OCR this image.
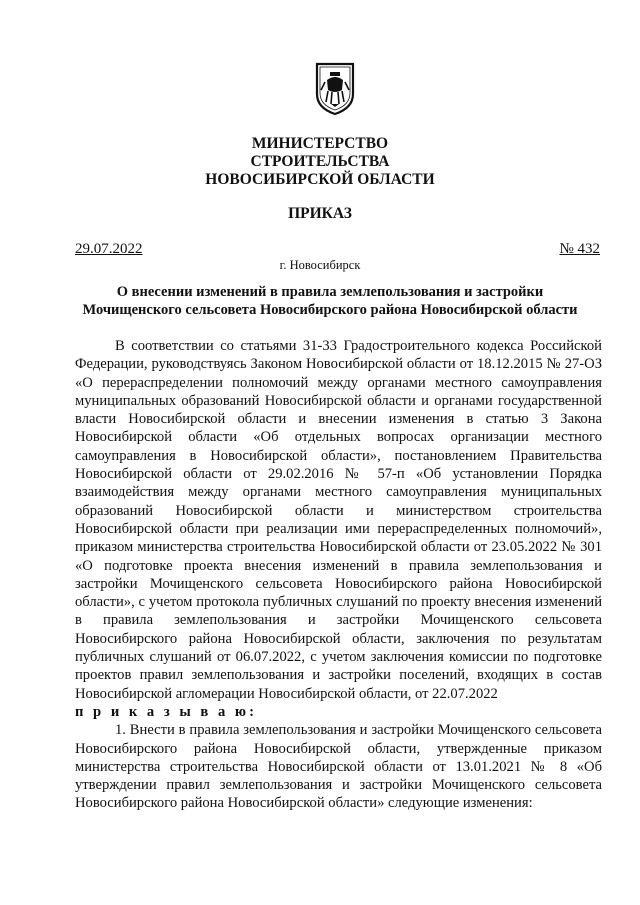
МИНИСТЕРСТВО
СТРОИТЕЛЬСТВА
НОВОСИБИРСКОЙ ОБЛАСТИ
ПРИКАЗ
29.07.2022	№ 432
г. Новосибирск
О внесении изменений в правила землепользования и застройки
Мочищенского сельсовета Новосибирского района Новосибирской области

В соответствии со статьями 31-33 Градостроительного кодекса Российской Федерации, руководствуясь Законом Новосибирской области от 18.12.2015 № 27-ОЗ «О перераспределении полномочий между органами местного самоуправления муниципальных образований Новосибирской области и органами государственной власти Новосибирской области и внесении изменения в статью 3 Закона Новосибирской области «Об отдельных вопросах организации местного самоуправления в Новосибирской области», постановлением Правительства Новосибирской области от 29.02.2016 № 57-п «Об установлении Порядка взаимодействия между органами местного самоуправления муниципальных образований Новосибирской области и министерством строительства Новосибирской области при реализации ими перераспределенных полномочий», приказом министерства строительства Новосибирской области от 23.05.2022 № 301 «О подготовке проекта внесения изменений в правила землепользования и застройки Мочищенского сельсовета Новосибирского района Новосибирской области», с учетом протокола публичных слушаний по проекту внесения изменений в правила землепользования и застройки Мочищенского сельсовета Новосибирского района Новосибирской области, заключения по результатам публичных слушаний от 06.07.2022, с учетом заключения комиссии по подготовке проектов правил землепользования и застройки поселений, входящих в состав Новосибирской агломерации Новосибирской области, от 22.07.2022

п р и к а з ы в а ю:

1. Внести в правила землепользования и застройки Мочищенского сельсовета Новосибирского района Новосибирской области, утвержденные приказом министерства строительства Новосибирской области от 13.01.2021 № 8 «Об утверждении правил землепользования и застройки Мочищенского сельсовета Новосибирского района Новосибирской области» следующие изменения:
